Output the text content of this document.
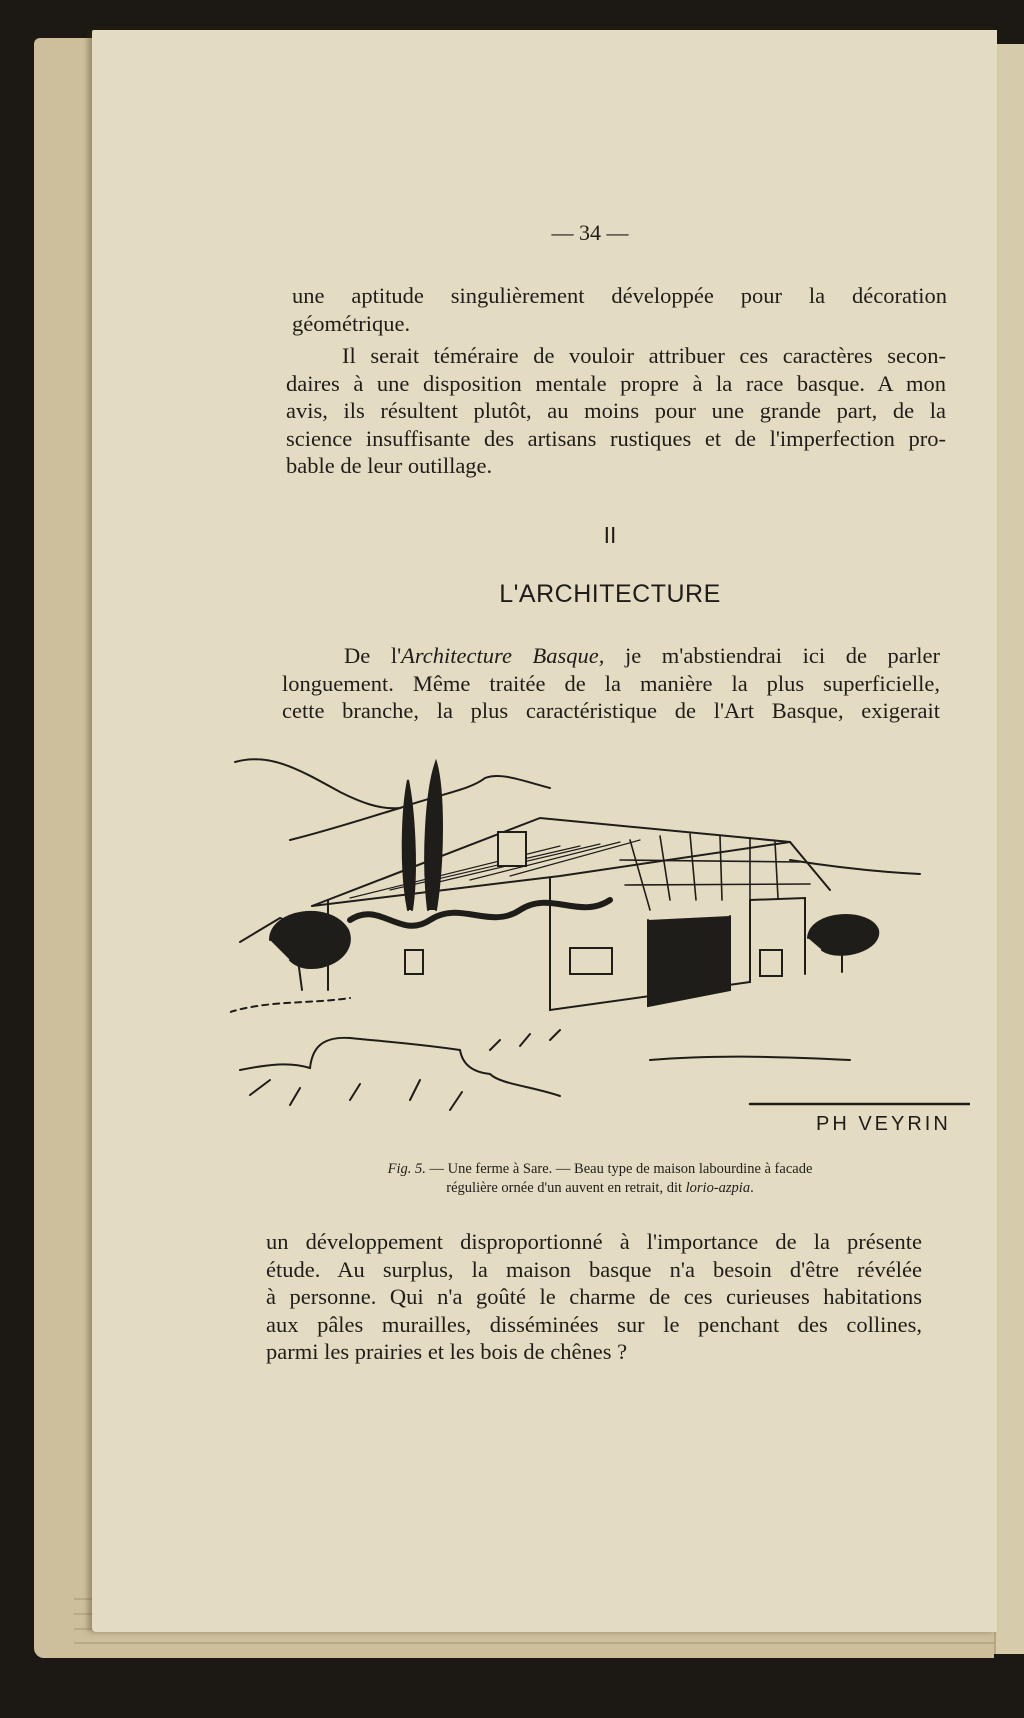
— 34 —
une aptitude singulièrement développée pour la décoration
géométrique.
Il serait téméraire de vouloir attribuer ces caractères secon-
daires à une disposition mentale propre à la race basque. A mon
avis, ils résultent plutôt, au moins pour une grande part, de la
science insuffisante des artisans rustiques et de l'imperfection pro-
bable de leur outillage.
II
L'ARCHITECTURE
De l'Architecture Basque, je m'abstiendrai ici de parler
longuement. Même traitée de la manière la plus superficielle,
cette branche, la plus caractéristique de l'Art Basque, exigerait
PH VEYRIN
Fig. 5. — Une ferme à Sare. — Beau type de maison labourdine à facade
régulière ornée d'un auvent en retrait, dit lorio-azpia.
un développement disproportionné à l'importance de la présente
étude. Au surplus, la maison basque n'a besoin d'être révélée
à personne. Qui n'a goûté le charme de ces curieuses habitations
aux pâles murailles, disséminées sur le penchant des collines,
parmi les prairies et les bois de chênes ?
